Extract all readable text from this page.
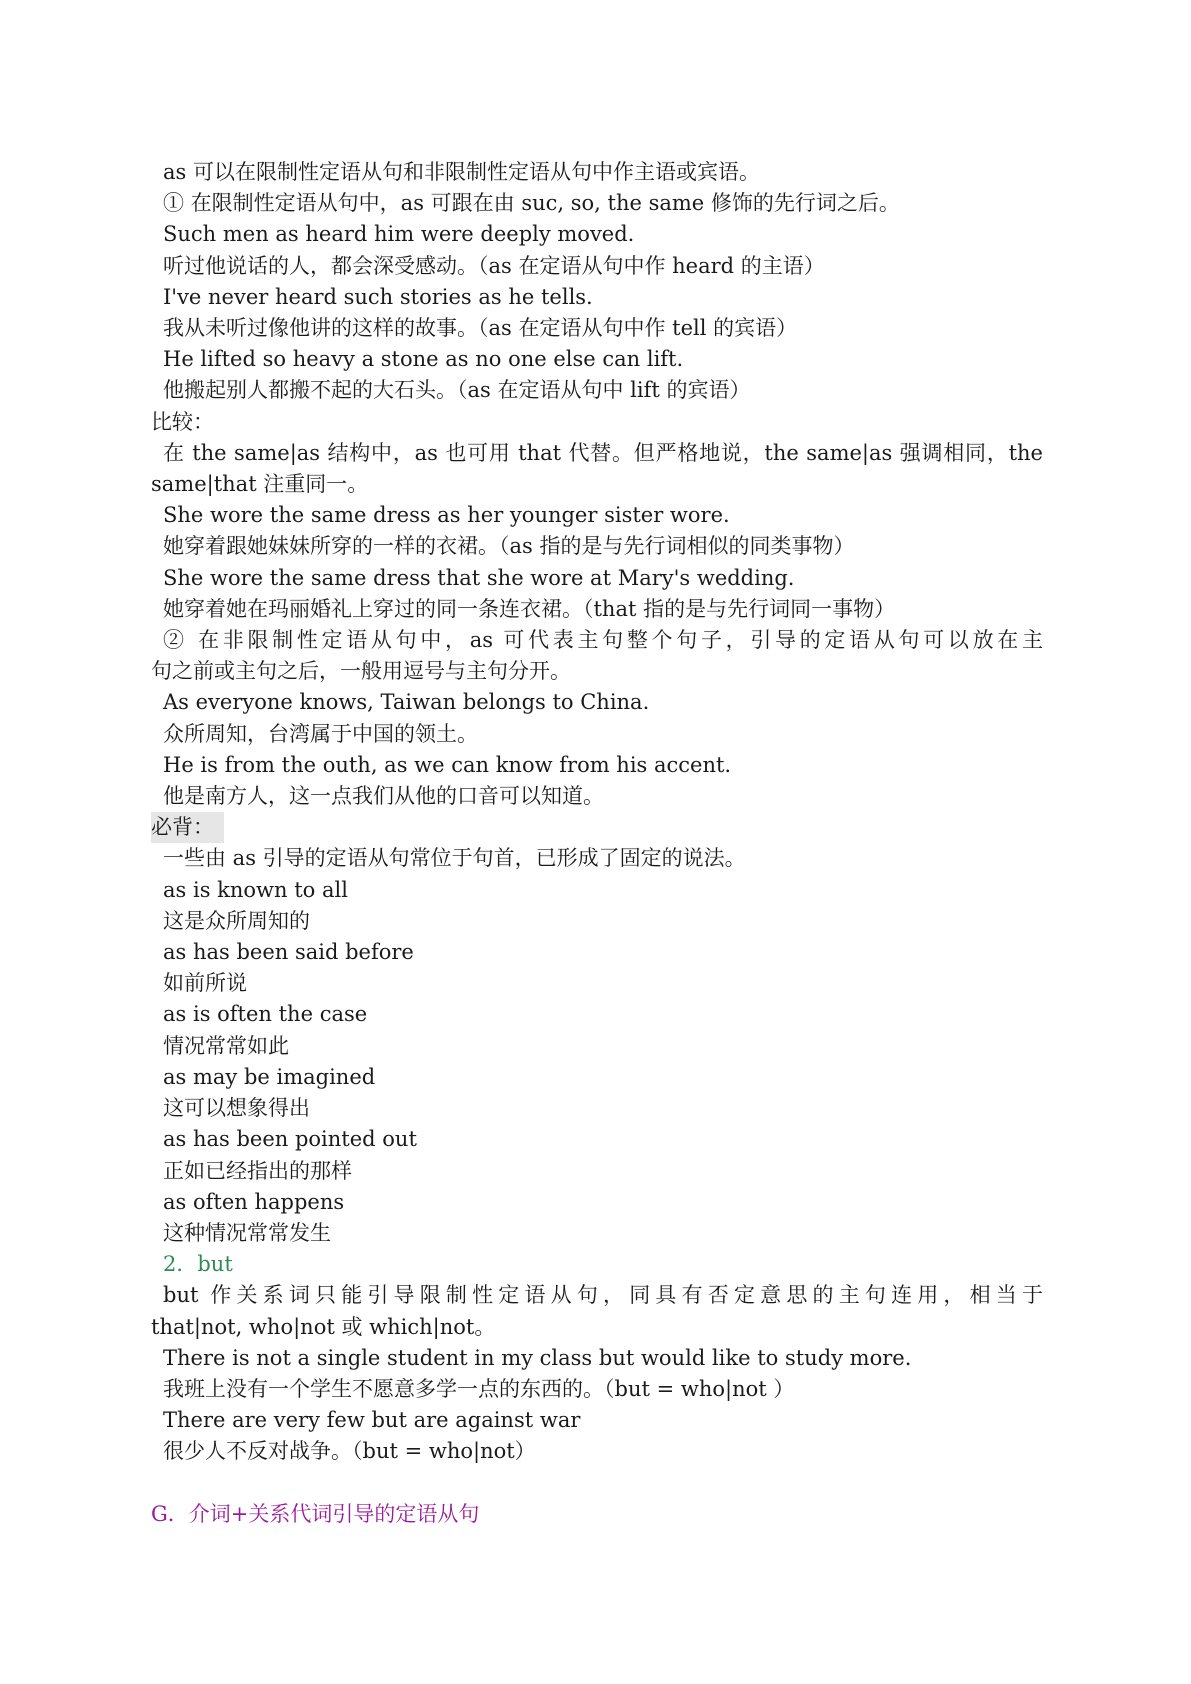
as 可以在限制性定语从句和非限制性定语从句中作主语或宾语。
① 在限制性定语从句中，as 可跟在由 suc, so, the same 修饰的先行词之后。
Such men as heard him were deeply moved.
听过他说话的人，都会深受感动。（as 在定语从句中作 heard 的主语）
I've never heard such stories as he tells.
我从未听过像他讲的这样的故事。（as 在定语从句中作 tell 的宾语）
He lifted so heavy a stone as no one else can lift.
他搬起别人都搬不起的大石头。（as 在定语从句中 lift 的宾语）
比较：
在 the same|as 结构中，as 也可用 that 代替。但严格地说，the same|as 强调相同，the
same|that 注重同一。
She wore the same dress as her younger sister wore.
她穿着跟她妹妹所穿的一样的衣裙。（as 指的是与先行词相似的同类事物）
She wore the same dress that she wore at Mary's wedding.
她穿着她在玛丽婚礼上穿过的同一条连衣裙。（that 指的是与先行词同一事物）
② 在非限制性定语从句中，as 可代表主句整个句子，引导的定语从句可以放在主
句之前或主句之后，一般用逗号与主句分开。
As everyone knows, Taiwan belongs to China.
众所周知，台湾属于中国的领土。
He is from the outh, as we can know from his accent.
他是南方人，这一点我们从他的口音可以知道。
必背：
一些由 as 引导的定语从句常位于句首，已形成了固定的说法。
as is known to all
这是众所周知的
as has been said before
如前所说
as is often the case
情况常常如此
as may be imagined
这可以想象得出
as has been pointed out
正如已经指出的那样
as often happens
这种情况常常发生
2．but
but 作关系词只能引导限制性定语从句，同具有否定意思的主句连用，相当于
that|not, who|not 或 which|not。
There is not a single student in my class but would like to study more.
我班上没有一个学生不愿意多学一点的东西的。（but = who|not ）
There are very few but are against war
很少人不反对战争。（but = who|not）
G．介词+关系代词引导的定语从句
